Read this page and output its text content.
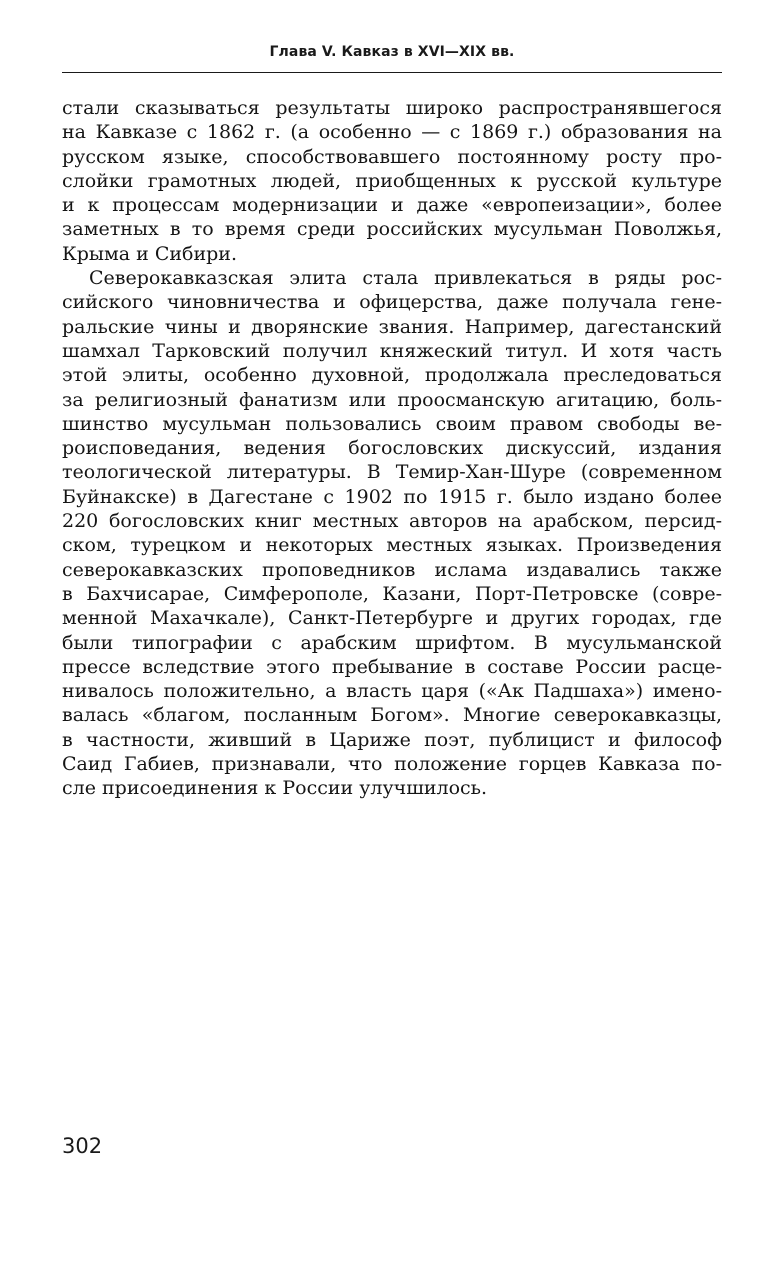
Глава V. Кавказ в XVI—XIX вв.
стали сказываться результаты широко распространявшегося
на Кавказе с 1862 г. (а особенно — с 1869 г.) образования на
русском языке, способствовавшего постоянному росту про-
слойки грамотных людей, приобщенных к русской культуре
и к процессам модернизации и даже «европеизации», более
заметных в то время среди российских мусульман Поволжья,
Крыма и Сибири.
Северокавказская элита стала привлекаться в ряды рос-
сийского чиновничества и офицерства, даже получала гене-
ральские чины и дворянские звания. Например, дагестанский
шамхал Тарковский получил княжеский титул. И хотя часть
этой элиты, особенно духовной, продолжала преследоваться
за религиозный фанатизм или проосманскую агитацию, боль-
шинство мусульман пользовались своим правом свободы ве-
роисповедания, ведения богословских дискуссий, издания
теологической литературы. В Темир-Хан-Шуре (современном
Буйнакске) в Дагестане с 1902 по 1915 г. было издано более
220 богословских книг местных авторов на арабском, персид-
ском, турецком и некоторых местных языках. Произведения
северокавказских проповедников ислама издавались также
в Бахчисарае, Симферополе, Казани, Порт-Петровске (совре-
менной Махачкале), Санкт-Петербурге и других городах, где
были типографии с арабским шрифтом. В мусульманской
прессе вследствие этого пребывание в составе России расце-
нивалось положительно, а власть царя («Ак Падшаха») имено-
валась «благом, посланным Богом». Многие северокавказцы,
в частности, живший в Цариже поэт, публицист и философ
Саид Габиев, признавали, что положение горцев Кавказа по-
сле присоединения к России улучшилось.
302
